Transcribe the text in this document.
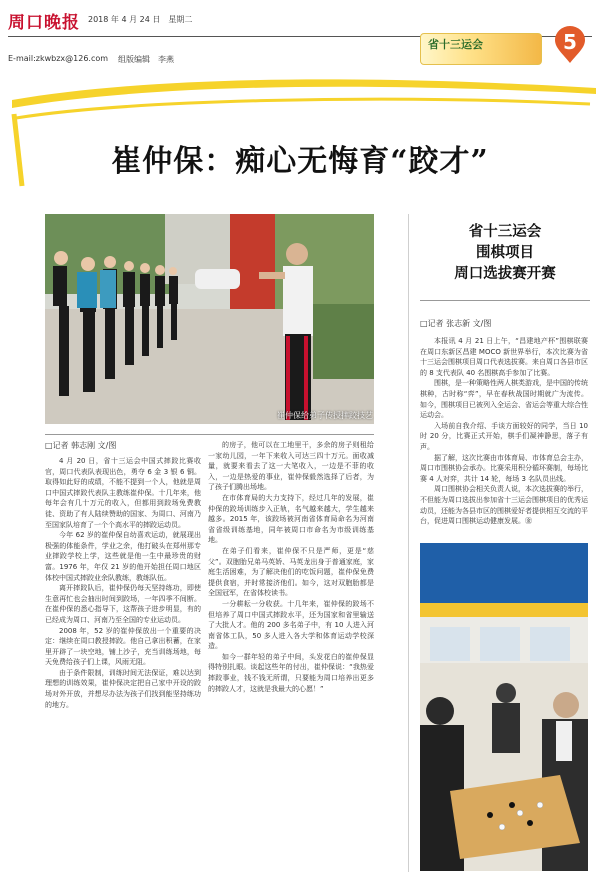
周口晚报 2018 年 4 月 24 日　星期二
E-mail:zkwbzx@126.com 组版编辑　李燕
省十三运会	5
崔仲保：痴心无悔育“跤才”
崔仲保给弟子传授摔跤技艺
省十三运会
围棋项目
周口选拔赛开赛
□记者 张志新 文/图

本报讯 4 月 21 日上午，“昌建地产杯”围棋联赛在周口东新区昌建 MOCO 新世界举行，本次比赛为省十三运会围棋项目周口代表选拔赛。来自周口各县市区的 8 支代表队 40 名围棋高手参加了比赛。

围棋，是一种策略性两人棋类游戏，是中国的传统棋种，古时称“弈”，早在春秋战国时期就广为流传。如今，围棋项目已被列入全运会、省运会等重大综合性运动会。

入场前自我介绍、手谈方面较好的同学，当日 10 时 20 分，比赛正式开始，棋手们凝神静思，落子有声。

据了解，这次比赛由市体育局、市体育总会主办，周口市围棋协会承办。比赛采用积分循环赛制，每场比赛 4 人对弈，共计 14 轮，每场 3 名队员出线。

周口围棋协会相关负责人说，本次选拔赛的举行，不但能为周口选拔出参加省十三运会围棋项目的优秀运动员，还能为各县市区的围棋爱好者提供相互交流的平台，促进周口围棋运动健康发展。㊎

□记者 韩志刚 文/图

4 月 20 日，省十三运会中国式摔跤比赛收官，周口代表队表现出色，勇夺 6 金 3 银 6 铜。取得如此好的成绩，不能不提到一个人，他就是周口中国式摔跤代表队主教练崔仲保。十几年来，他每年会有几十万元的收入，但都用到跤场免费教徒、资助了有人陆续赞助的国家、为周口、河南乃至国家队培育了一个个高水平的摔跤运动员。

今年 62 岁的崔仲保自幼喜欢运动，就展现出极强的体能条件，学业之余，他打破头在郑州那专业摔跤学校上学，这些就是他一生中最珍贵的财富。1976 年，年仅 21 岁的他开始担任周口地区体校中国式摔跤业余队教练，教练队伍。

离开摔跤队后，崔仲保仍每天坚持练功，即使生意再忙也会抽出时间到跤场，一年四季不间断。在崔仲保的悉心指导下，这帮孩子进步明显，有的已经成为周口、河南乃至全国的专业运动员。

2008 年，52 岁的崔仲保放出一个重要的决定：继续在周口教授摔跤。他自己拿出积蓄，在家里开辟了一块空地，铺上沙子，充当训练场地，每天免费给孩子们上课，风雨无阻。

由于条件限制，训练时间无法保证，难以达到理想的训练效果，崔仲保决定把自己家中开设的跤场对外开放，并想尽办法为孩子们找到能坚持练功的地方。

的房子，他可以在工地里干，多余的房子则租给一家幼儿园，一年下来收入可达三四十万元。面收减量，就要来看去了这一大笔收入，一边是不菲的收入，一边是热爱的事业，崔仲保毅然选择了后者，为了孩子们腾出场地。

在市体育局的大力支持下，经过几年的发展，崔仲保的跤场训练步入正轨，名气越来越大，学生越来越多。2015 年，该跤场被河南省体育局命名为河南省省级训练基地，同年被周口市命名为市级训练基地。

在弟子们看来，崔仲保不只是严师，更是“慈父”。双胞胎兄弟马英娇、马英龙出身于普通家庭，家庭生活困难，为了解决他们的吃饭问题，崔仲保免费提供食宿，并时常接济他们。如今，这对双胞胎都是全国冠军，在省体校读书。

一分耕耘一分收获。十几年来，崔仲保的跤场不但培养了周口中国式摔跤水平，还为国家和省里输送了大批人才。他的 200 多名弟子中，有 10 人进入河南省体工队，50 多人进入各大学和体育运动学校深造。

如今一群年轻的弟子中间，头发花白的崔仲保显得特别扎眼。谈起这些年的付出，崔仲保说：“我热爱摔跤事业，钱不钱无所谓，只要能为周口培养出更多的摔跤人才，这就是我最大的心愿！”
